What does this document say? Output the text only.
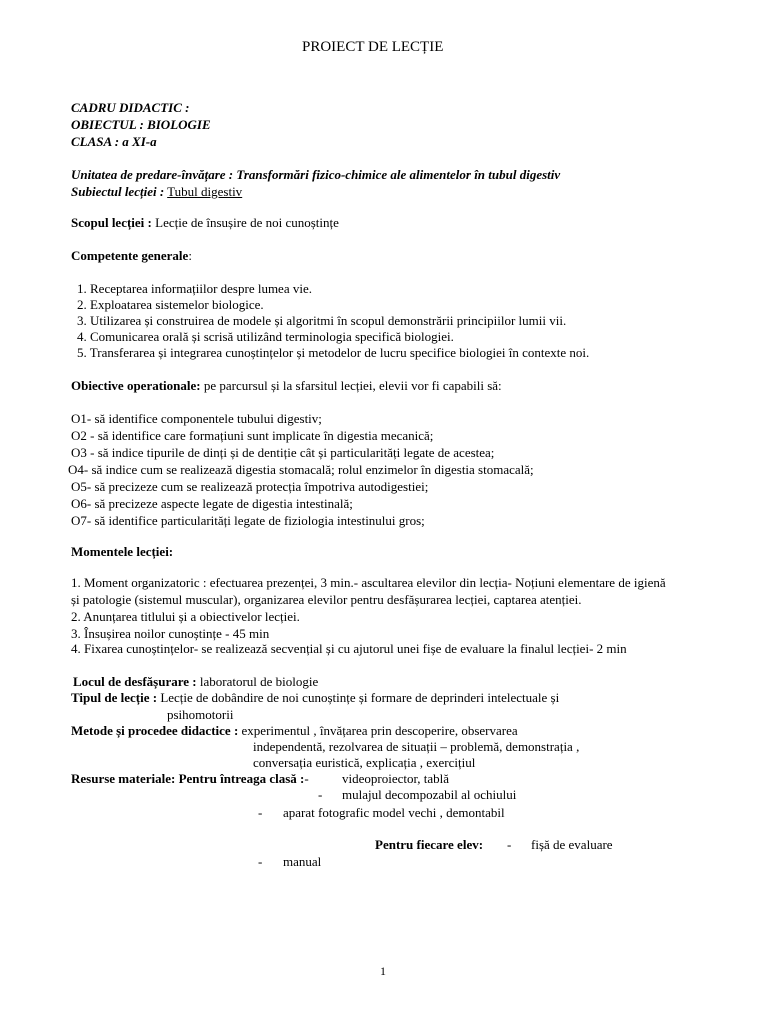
PROIECT DE LECȚIE
CADRU DIDACTIC :
OBIECTUL : BIOLOGIE
CLASA : a XI-a
Unitatea de predare-învățare : Transformări fizico-chimice ale alimentelor în tubul digestiv
Subiectul lecției : Tubul digestiv
Scopul lecției : Lecție de însușire de noi cunoștințe
Competente generale:
1. Receptarea informațiilor despre lumea vie.
2. Exploatarea sistemelor biologice.
3. Utilizarea și construirea de modele și algoritmi în scopul demonstrării principiilor lumii vii.
4. Comunicarea orală și scrisă utilizând terminologia specifică biologiei.
5. Transferarea și integrarea cunoștințelor și metodelor de lucru specifice biologiei în contexte noi.
Obiective operationale: pe parcursul și la sfarsitul lecției, elevii vor fi capabili să:
O1- să identifice componentele tubului digestiv;
O2 - să identifice care formațiuni sunt implicate în digestia mecanică;
O3 - să indice tipurile de dinți și de dentiție cât și particularități legate de acestea;
O4- să indice cum se realizează digestia stomacală; rolul enzimelor în digestia stomacală;
O5- să precizeze cum se realizează protecția împotriva autodigestiei;
O6- să precizeze aspecte legate de digestia intestinală;
O7- să identifice particularități legate de fiziologia intestinului gros;
Momentele lecției:
1. Moment organizatoric : efectuarea prezenței, 3 min.- ascultarea elevilor din lecția- Noțiuni elementare de igienă
și patologie (sistemul muscular), organizarea elevilor pentru desfășurarea lecției, captarea atenției.
2. Anunțarea titlului și a obiectivelor lecției.
3. Însușirea noilor cunoștințe - 45 min
4. Fixarea cunoștințelor- se realizează secvențial și cu ajutorul unei fișe de evaluare la finalul lecției- 2 min
Locul de desfășurare : laboratorul de biologie
Tipul de lecție : Lecție de dobândire de noi cunoștințe și formare de deprinderi intelectuale și
psihomotorii
Metode și procedee didactice : experimentul , învățarea prin descoperire, observarea
independentă, rezolvarea de situații – problemă, demonstrația ,
conversația euristică, explicația , exercițiul
Resurse materiale: Pentru întreaga clasă :-	videoproiector, tablă
- mulajul decompozabil al ochiului
- aparat fotografic model vechi , demontabil
Pentru fiecare elev: - fișă de evaluare
- manual
1
